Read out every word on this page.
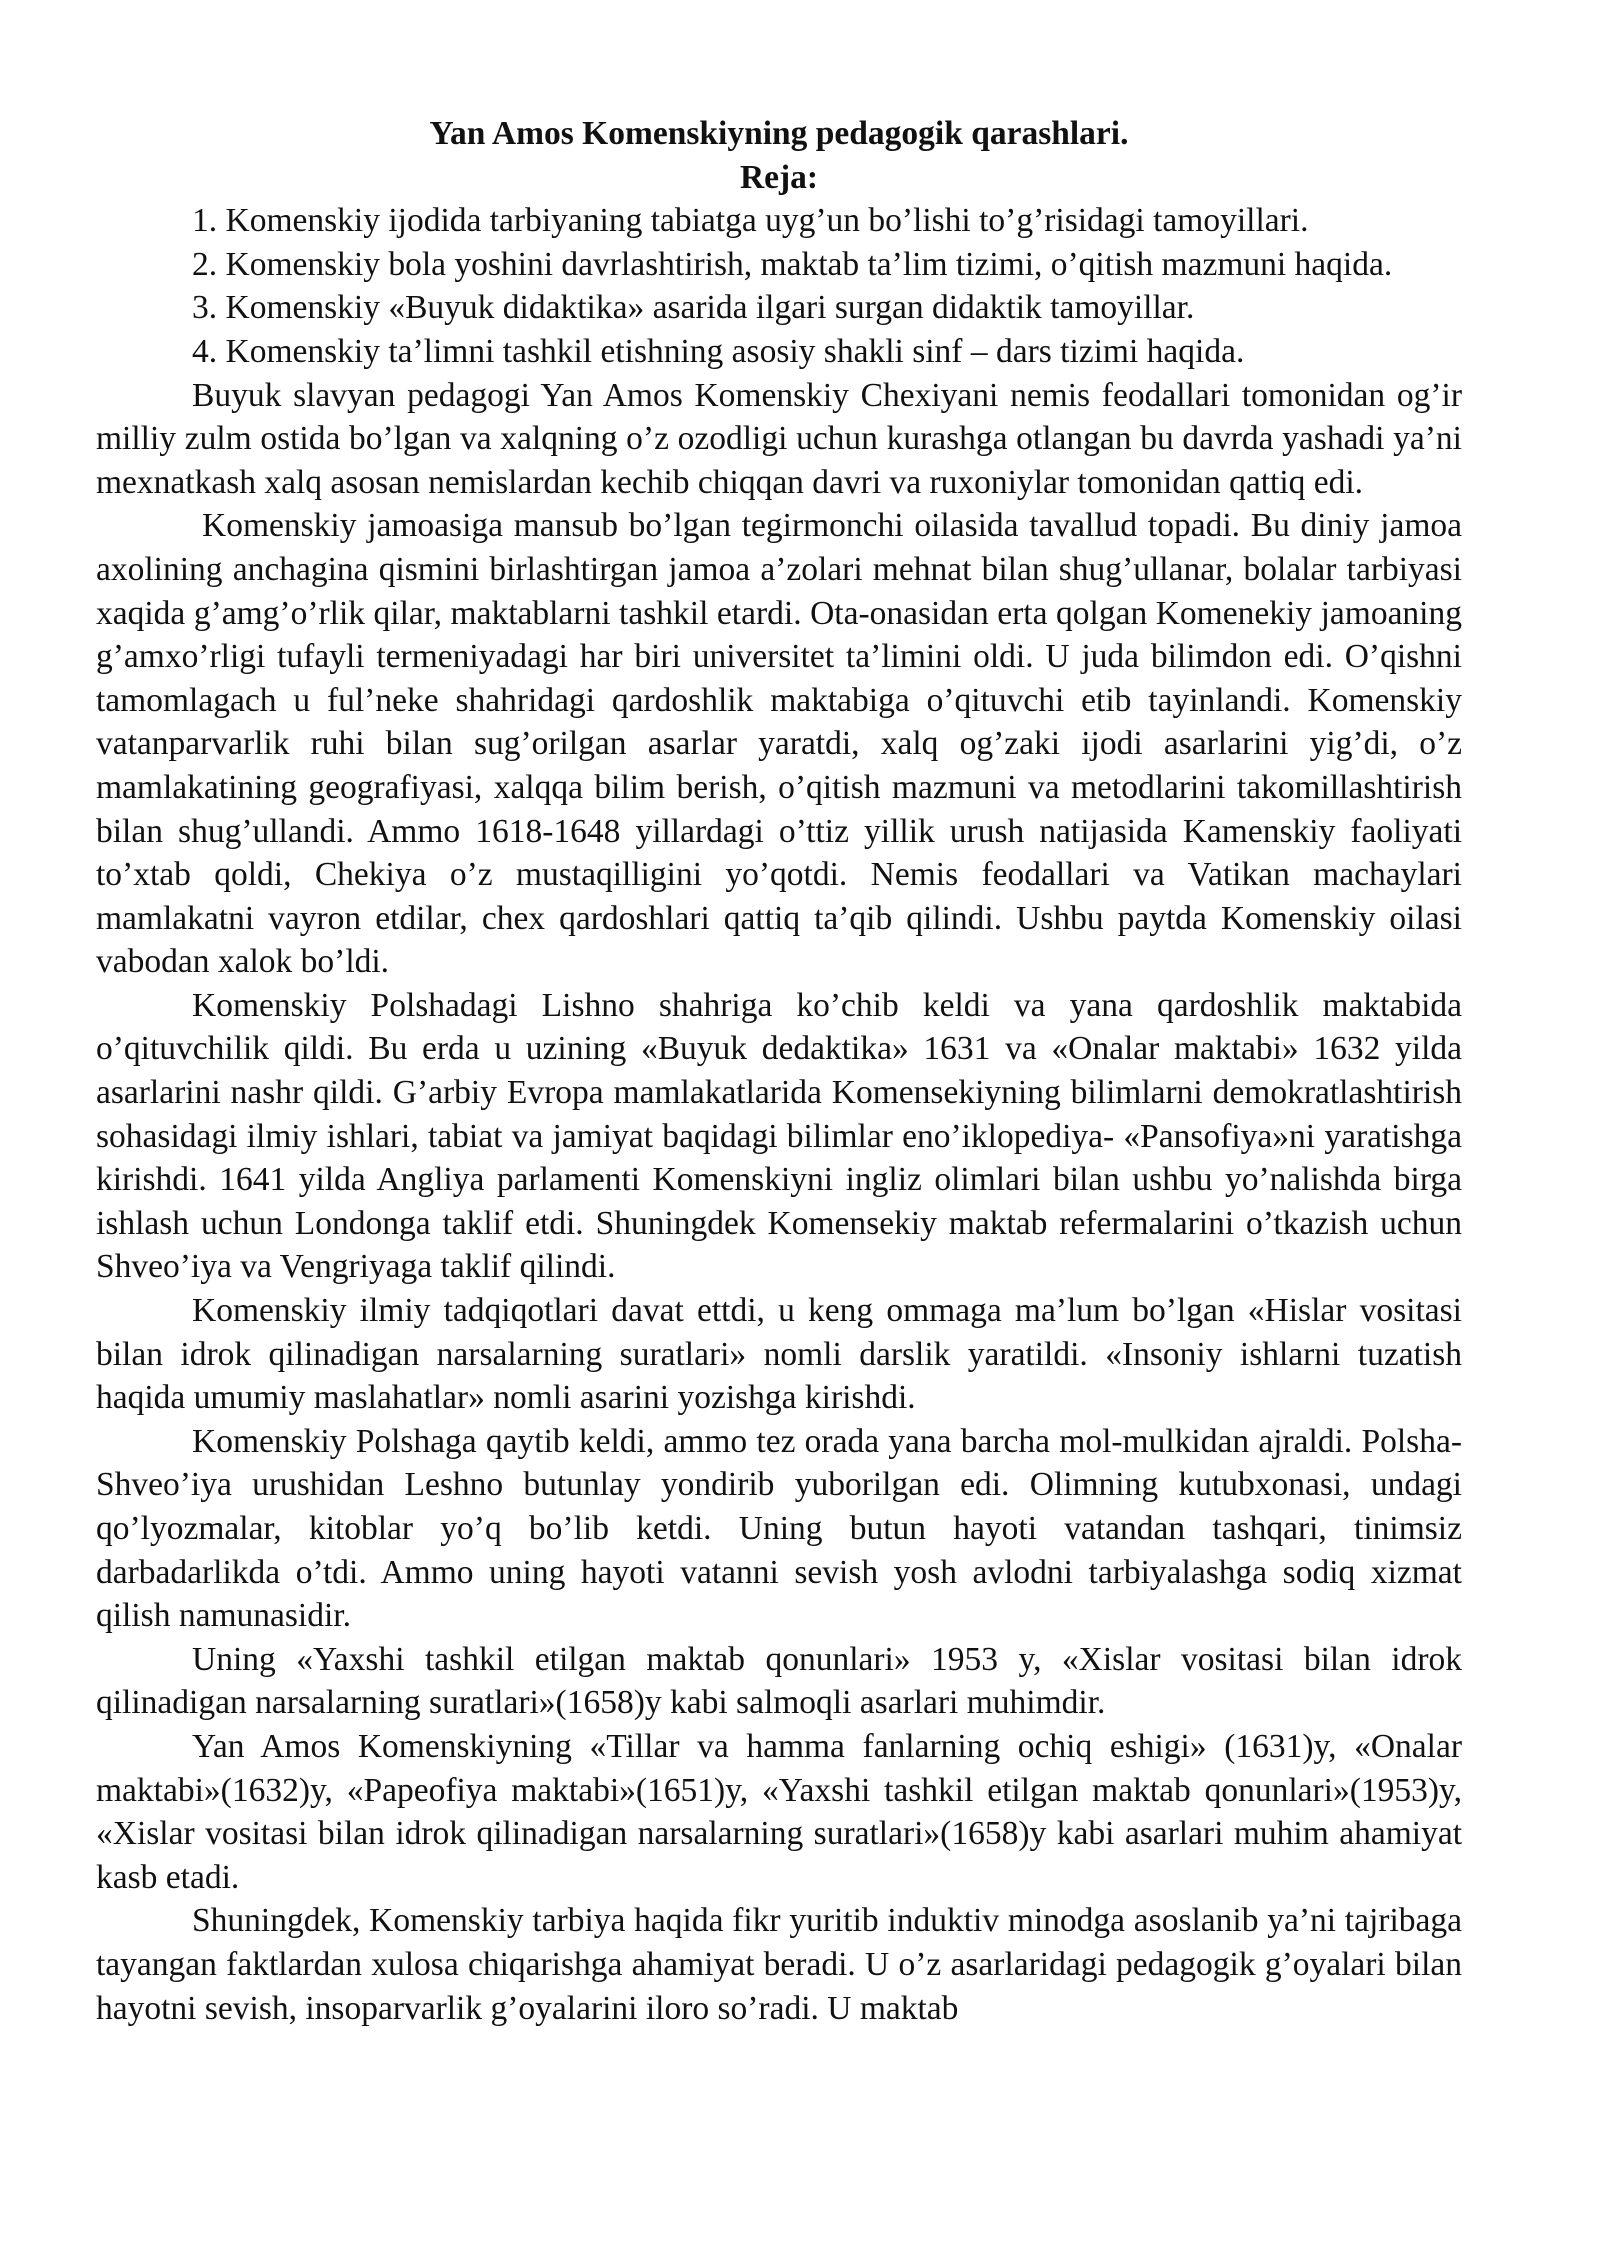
Yan Amos Komenskiyning pedagogik qarashlari.

Reja:

1. Komenskiy ijodida tarbiyaning tabiatga uyg’un bo’lishi to’g’risidagi tamoyillari.
2. Komenskiy bola yoshini davrlashtirish, maktab ta’lim tizimi, o’qitish mazmuni haqida.
3. Komenskiy «Buyuk didaktika» asarida ilgari surgan didaktik tamoyillar.
4. Komenskiy ta’limni tashkil etishning asosiy shakli sinf – dars tizimi haqida.

Buyuk slavyan pedagogi Yan Amos Komenskiy Chexiyani nemis feodallari tomonidan og’ir milliy zulm ostida bo’lgan va xalqning o’z ozodligi uchun kurashga otlangan bu davrda yashadi ya’ni mexnatkash xalq asosan nemislardan kechib chiqqan davri va ruxoniylar tomonidan qattiq edi.

Komenskiy jamoasiga mansub bo’lgan tegirmonchi oilasida tavallud topadi. Bu diniy jamoa axolining anchagina qismini birlashtirgan jamoa a’zolari mehnat bilan shug’ullanar, bolalar tarbiyasi xaqida g’amg’o’rlik qilar, maktablarni tashkil etardi. Ota-onasidan erta qolgan Komenekiy jamoaning g’amxo’rligi tufayli termeniyadagi har biri universitet ta’limini oldi. U juda bilimdon edi. O’qishni tamomlagach u ful’neke shahridagi qardoshlik maktabiga o’qituvchi etib tayinlandi. Komenskiy vatanparvarlik ruhi bilan sug’orilgan asarlar yaratdi, xalq og’zaki ijodi asarlarini yig’di, o’z mamlakatining geografiyasi, xalqqa bilim berish, o’qitish mazmuni va metodlarini takomillashtirish bilan shug’ullandi. Ammo 1618-1648 yillardagi o’ttiz yillik urush natijasida Kamenskiy faoliyati to’xtab qoldi, Chekiya o’z mustaqilligini yo’qotdi. Nemis feodallari va Vatikan machaylari mamlakatni vayron etdilar, chex qardoshlari qattiq ta’qib qilindi. Ushbu paytda Komenskiy oilasi vabodan xalok bo’ldi.

Komenskiy Polshadagi Lishno shahriga ko’chib keldi va yana qardoshlik maktabida o’qituvchilik qildi. Bu erda u uzining «Buyuk dedaktika» 1631 va «Onalar maktabi» 1632 yilda asarlarini nashr qildi. G’arbiy Evropa mamlakatlarida Komensekiyning bilimlarni demokratlashtirish sohasidagi ilmiy ishlari, tabiat va jamiyat baqidagi bilimlar eno’iklopediya- «Pansofiya»ni yaratishga kirishdi. 1641 yilda Angliya parlamenti Komenskiyni ingliz olimlari bilan ushbu yo’nalishda birga ishlash uchun Londonga taklif etdi. Shuningdek Komensekiy maktab refermalarini o’tkazish uchun Shveo’iya va Vengriyaga taklif qilindi.

Komenskiy ilmiy tadqiqotlari davat ettdi, u keng ommaga ma’lum bo’lgan «Hislar vositasi bilan idrok qilinadigan narsalarning suratlari» nomli darslik yaratildi. «Insoniy ishlarni tuzatish haqida umumiy maslahatlar» nomli asarini yozishga kirishdi.

Komenskiy Polshaga qaytib keldi, ammo tez orada yana barcha mol-mulkidan ajraldi. Polsha-Shveo’iya urushidan Leshno butunlay yondirib yuborilgan edi. Olimning kutubxonasi, undagi qo’lyozmalar, kitoblar yo’q bo’lib ketdi. Uning butun hayoti vatandan tashqari, tinimsiz darbadarlikda o’tdi. Ammo uning hayoti vatanni sevish yosh avlodni tarbiyalashga sodiq xizmat qilish namunasidir.

Uning «Yaxshi tashkil etilgan maktab qonunlari» 1953 y, «Xislar vositasi bilan idrok qilinadigan narsalarning suratlari»(1658)y kabi salmoqli asarlari muhimdir.

Yan Amos Komenskiyning «Tillar va hamma fanlarning ochiq eshigi» (1631)y, «Onalar maktabi»(1632)y, «Papeofiya maktabi»(1651)y, «Yaxshi tashkil etilgan maktab qonunlari»(1953)y, «Xislar vositasi bilan idrok qilinadigan narsalarning suratlari»(1658)y kabi asarlari muhim ahamiyat kasb etadi.

Shuningdek, Komenskiy tarbiya haqida fikr yuritib induktiv minodga asoslanib ya’ni tajribaga tayangan faktlardan xulosa chiqarishga ahamiyat beradi. U o’z asarlaridagi pedagogik g’oyalari bilan hayotni sevish, insoparvarlik g’oyalarini iloro so’radi. U maktab
